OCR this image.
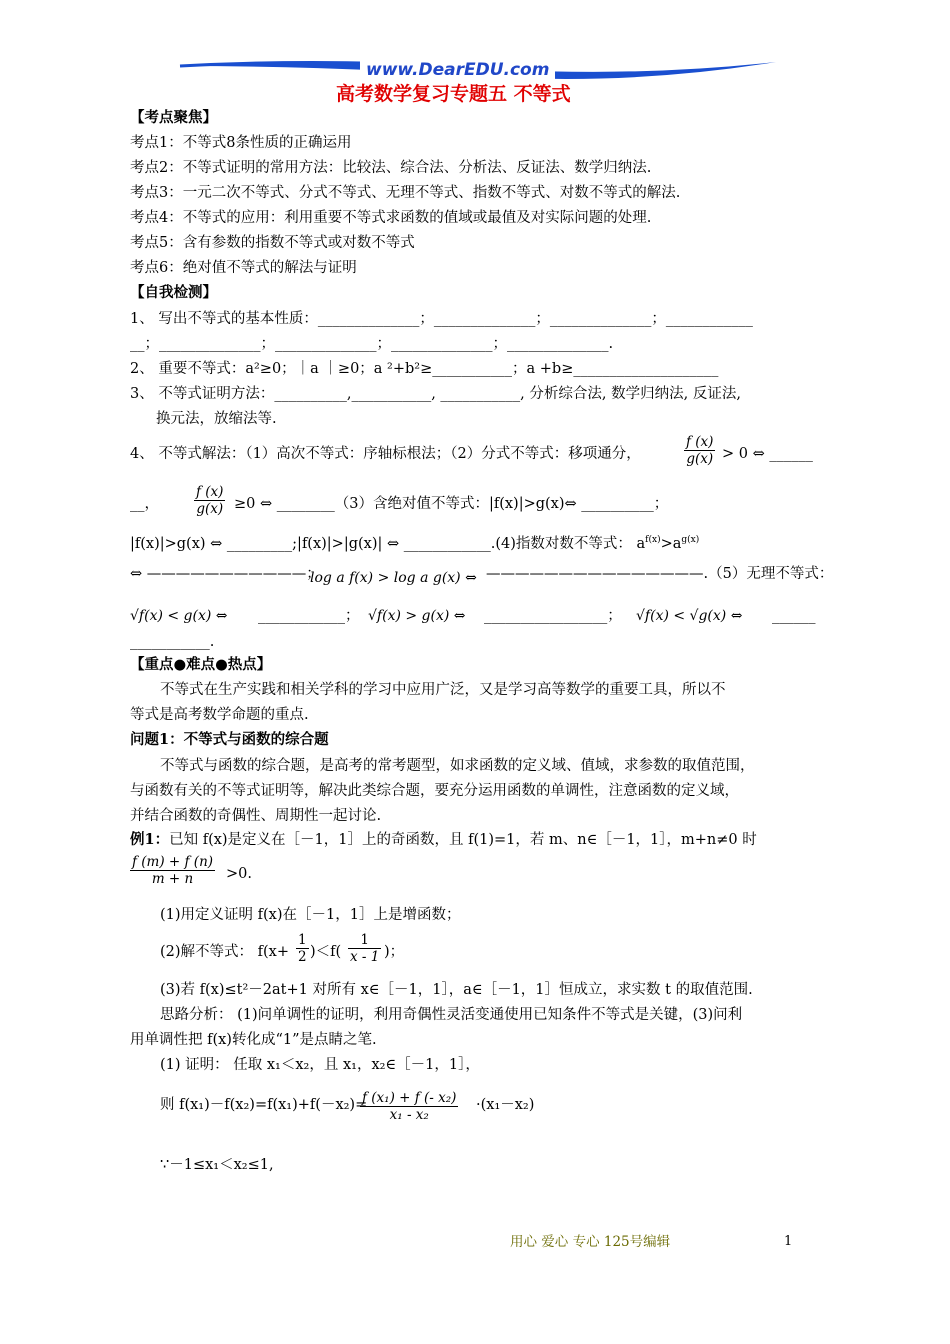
www.DearEDU.com
高考数学复习专题五 不等式
【考点聚焦】
考点1：不等式8条性质的正确运用
考点2：不等式证明的常用方法：比较法、综合法、分析法、反证法、数学归纳法.
考点3：一元二次不等式、分式不等式、无理不等式、指数不等式、对数不等式的解法.
考点4：不等式的应用：利用重要不等式求函数的值域或最值及对实际问题的处理.
考点5：含有参数的指数不等式或对数不等式
考点6：绝对值不等式的解法与证明
【自我检测】
1、 写出不等式的基本性质：______________；______________；______________；____________
__；______________；______________；______________；______________.
2、 重要不等式：a²≥0；｜a ｜≥0；a ²+b²≥___________；a +b≥____________________
3、 不等式证明方法：__________,___________, ___________, 分析综合法, 数学归纳法, 反证法,
换元法，放缩法等.
4、 不等式解法：（1）高次不等式：序轴标根法；（2）分式不等式：移项通分，
f (x)
g(x) > 0 ⇔ ______
__，
f (x)
g(x) ≥0 ⇔ ________（3）含绝对值不等式：|f(x)|>g(x)⇔ __________；
|f(x)|>g(x) ⇔ _________;|f(x)|>|g(x)| ⇔ ____________.(4)指数对数不等式： $a^{f(x)}>a^{g(x)}$
⇔ ———————————；
log a f(x) > log a g(x) ⇔ ———————————————.（5）无理不等式：
√f(x) < g(x) ⇔ ____________； √f(x) > g(x) ⇔ _________________； √f(x) < √g(x) ⇔ ______
___________.
【重点●难点●热点】
不等式在生产实践和相关学科的学习中应用广泛，又是学习高等数学的重要工具，所以不
等式是高考数学命题的重点.
问题1：不等式与函数的综合题
不等式与函数的综合题，是高考的常考题型，如求函数的定义域、值域，求参数的取值范围，
与函数有关的不等式证明等，解决此类综合题，要充分运用函数的单调性，注意函数的定义域，
并结合函数的奇偶性、周期性一起讨论.
例1：已知 f(x)是定义在［－1，1］上的奇函数，且 f(1)=1，若 m、n∈［－1，1］，m+n≠0 时
f (m) + f (n)
m + n	>0.
(1)用定义证明 f(x)在［－1，1］上是增函数；
(2)解不等式： f(x+
1
2 )＜f(
1
x - 1 )；
(3)若 f(x)≤t²－2at+1 对所有 x∈［－1，1］，a∈［－1，1］恒成立，求实数 t 的取值范围.
思路分析： (1)问单调性的证明，利用奇偶性灵活变通使用已知条件不等式是关键，(3)问利
用单调性把 f(x)转化成“1”是点睛之笔.
(1) 证明： 任取 x₁＜x₂，且 x₁，x₂∈［－1，1］，
则 f(x₁)－f(x₂)=f(x₁)+f(－x₂)=
f (x₁) + f (- x₂)
x₁ - x₂
·(x₁－x₂)
∵－1≤x₁＜x₂≤1,
用心 爱心 专心 125号编辑	1
